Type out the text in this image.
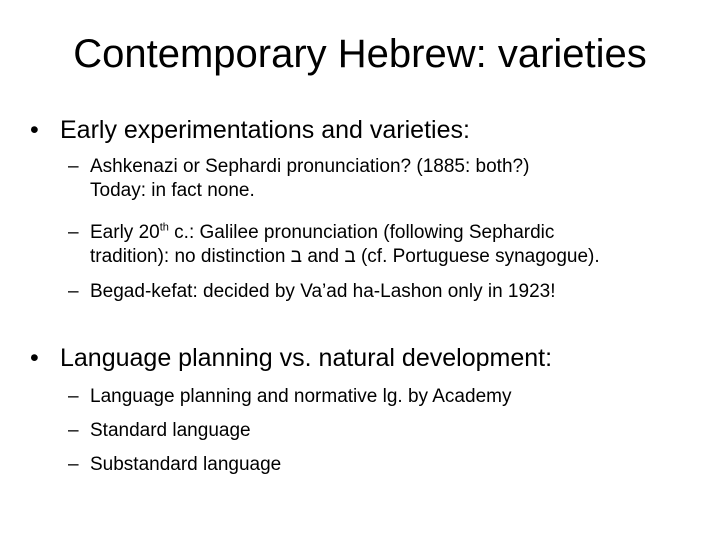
Contemporary Hebrew: varieties
• Early experimentations and varieties:
– Ashkenazi or Sephardi pronunciation? (1885: both?)
Today: in fact none.
– Early 20th c.: Galilee pronunciation (following Sephardic
tradition): no distinction ב and ב (cf. Portuguese synagogue).
– Begad-kefat: decided by Va’ad ha-Lashon only in 1923!
• Language planning vs. natural development:
– Language planning and normative lg. by Academy
– Standard language
– Substandard language
